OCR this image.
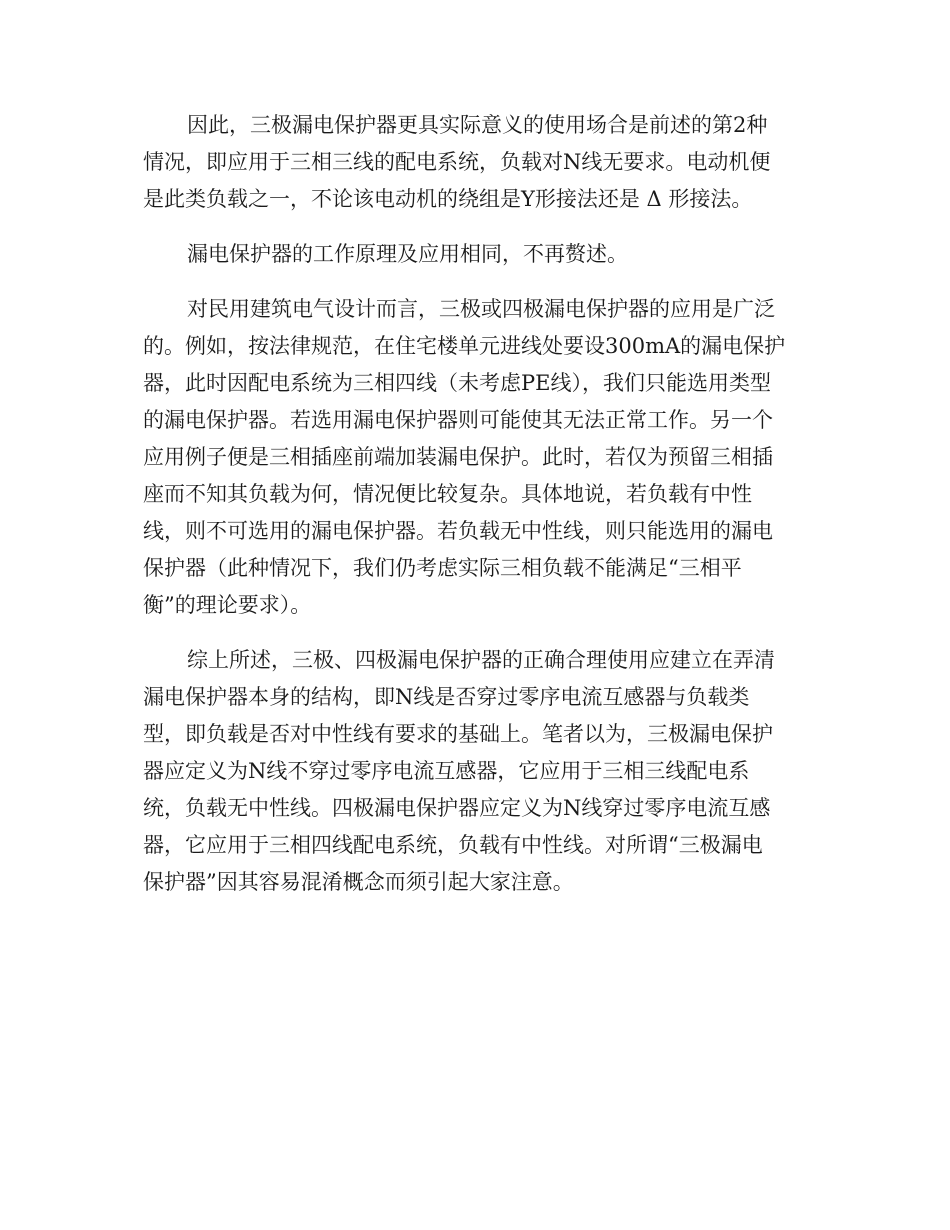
因此，三极漏电保护器更具实际意义的使用场合是前述的第2种
情况，即应用于三相三线的配电系统，负载对N线无要求。电动机便
是此类负载之一，不论该电动机的绕组是Y形接法还是 Δ 形接法。

漏电保护器的工作原理及应用相同，不再赘述。

对民用建筑电气设计而言，三极或四极漏电保护器的应用是广泛
的。例如，按法律规范，在住宅楼单元进线处要设300mA的漏电保护
器，此时因配电系统为三相四线（未考虑PE线），我们只能选用类型
的漏电保护器。若选用漏电保护器则可能使其无法正常工作。另一个
应用例子便是三相插座前端加装漏电保护。此时，若仅为预留三相插
座而不知其负载为何，情况便比较复杂。具体地说，若负载有中性
线，则不可选用的漏电保护器。若负载无中性线，则只能选用的漏电
保护器（此种情况下，我们仍考虑实际三相负载不能满足“三相平
衡”的理论要求）。

综上所述，三极、四极漏电保护器的正确合理使用应建立在弄清
漏电保护器本身的结构，即N线是否穿过零序电流互感器与负载类
型，即负载是否对中性线有要求的基础上。笔者以为，三极漏电保护
器应定义为N线不穿过零序电流互感器，它应用于三相三线配电系
统，负载无中性线。四极漏电保护器应定义为N线穿过零序电流互感
器，它应用于三相四线配电系统，负载有中性线。对所谓“三极漏电
保护器”因其容易混淆概念而须引起大家注意。
